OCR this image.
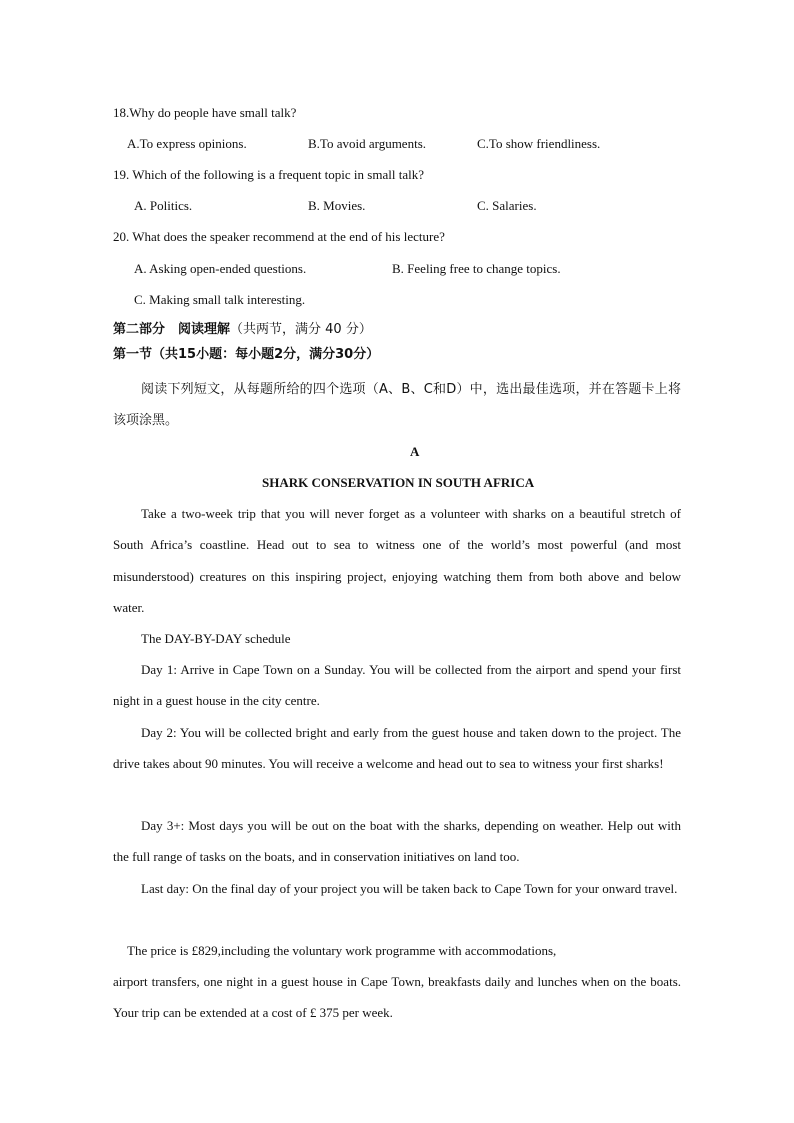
18.Why do people have small talk?
A.To express opinions.	B.To avoid arguments.	C.To show friendliness.
19. Which of the following is a frequent topic in small talk?
A. Politics.	B. Movies.	C. Salaries.
20. What does the speaker recommend at the end of his lecture?
A. Asking open-ended questions.	B. Feeling free to change topics.
C. Making small talk interesting.
第二部分　阅读理解（共两节，满分 40 分）
第一节（共15小题：每小题2分，满分30分）
阅读下列短文，从每题所给的四个选项（A、B、C和D）中，选出最佳选项，并在答题卡上将该项涂黑。
A
SHARK CONSERVATION IN SOUTH AFRICA
Take a two-week trip that you will never forget as a volunteer with sharks on a beautiful stretch of South Africa’s coastline. Head out to sea to witness one of the world’s most powerful (and most misunderstood) creatures on this inspiring project, enjoying watching them from both above and below water.
The DAY-BY-DAY schedule
Day 1: Arrive in Cape Town on a Sunday. You will be collected from the airport and spend your first night in a guest house in the city centre.
Day 2: You will be collected bright and early from the guest house and taken down to the project. The drive takes about 90 minutes. You will receive a welcome and head out to sea to witness your first sharks!
Day 3+: Most days you will be out on the boat with the sharks, depending on weather. Help out with the full range of tasks on the boats, and in conservation initiatives on land too.
Last day: On the final day of your project you will be taken back to Cape Town for your onward travel.
The price is £829,including the voluntary work programme with accommodations,
airport transfers, one night in a guest house in Cape Town, breakfasts daily and lunches when on the boats. Your trip can be extended at a cost of £ 375 per week.
